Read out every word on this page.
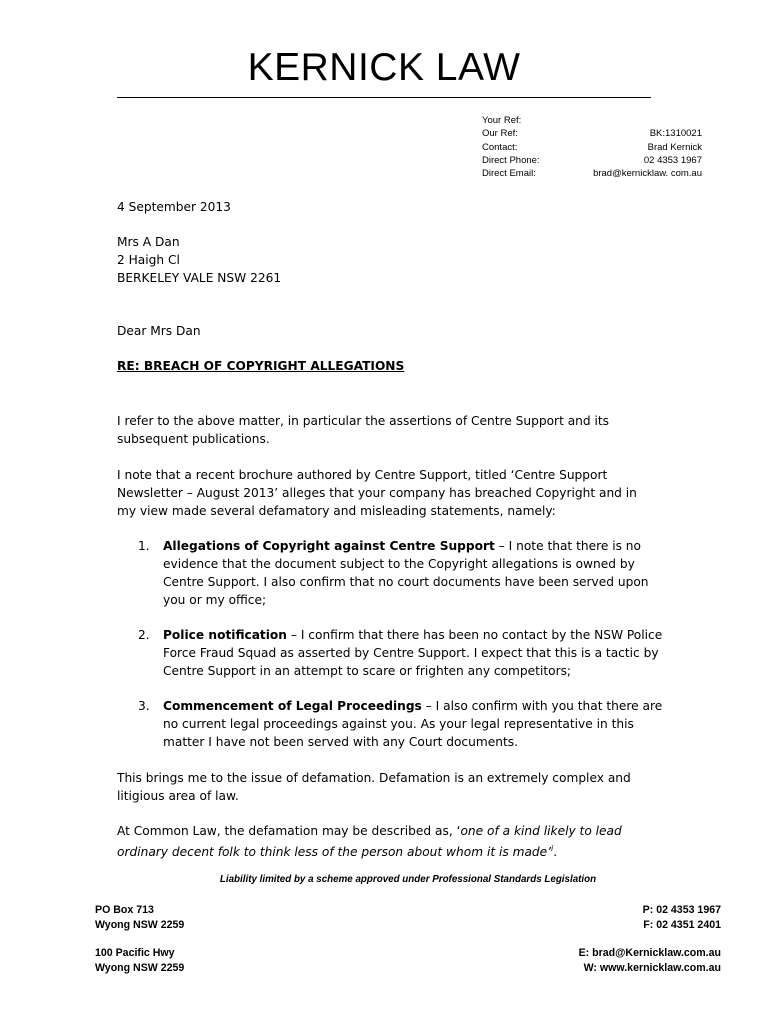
KERNICK LAW
Your Ref:
Our Ref:	BK:1310021
Contact:	Brad Kernick
Direct Phone:	02 4353 1967
Direct Email:	brad@kernicklaw. com.au
4 September 2013
Mrs A Dan
2 Haigh Cl
BERKELEY VALE NSW 2261
Dear Mrs Dan
RE: BREACH OF COPYRIGHT ALLEGATIONS
I refer to the above matter, in particular the assertions of Centre Support and its subsequent publications.
I note that a recent brochure authored by Centre Support, titled ‘Centre Support Newsletter – August 2013’ alleges that your company has breached Copyright and in my view made several defamatory and misleading statements, namely:
1. Allegations of Copyright against Centre Support – I note that there is no evidence that the document subject to the Copyright allegations is owned by Centre Support. I also confirm that no court documents have been served upon you or my office;
2. Police notification – I confirm that there has been no contact by the NSW Police Force Fraud Squad as asserted by Centre Support. I expect that this is a tactic by Centre Support in an attempt to scare or frighten any competitors;
3. Commencement of Legal Proceedings – I also confirm with you that there are no current legal proceedings against you. As your legal representative in this matter I have not been served with any Court documents.
This brings me to the issue of defamation. Defamation is an extremely complex and litigious area of law.
At Common Law, the defamation may be described as, ‘one of a kind likely to lead ordinary decent folk to think less of the person about whom it is made’$^i$.
Liability limited by a scheme approved under Professional Standards Legislation
PO Box 713
Wyong NSW 2259
100 Pacific Hwy
Wyong NSW 2259
P: 02 4353 1967
F: 02 4351 2401
E: brad@Kernicklaw.com.au
W: www.kernicklaw.com.au
